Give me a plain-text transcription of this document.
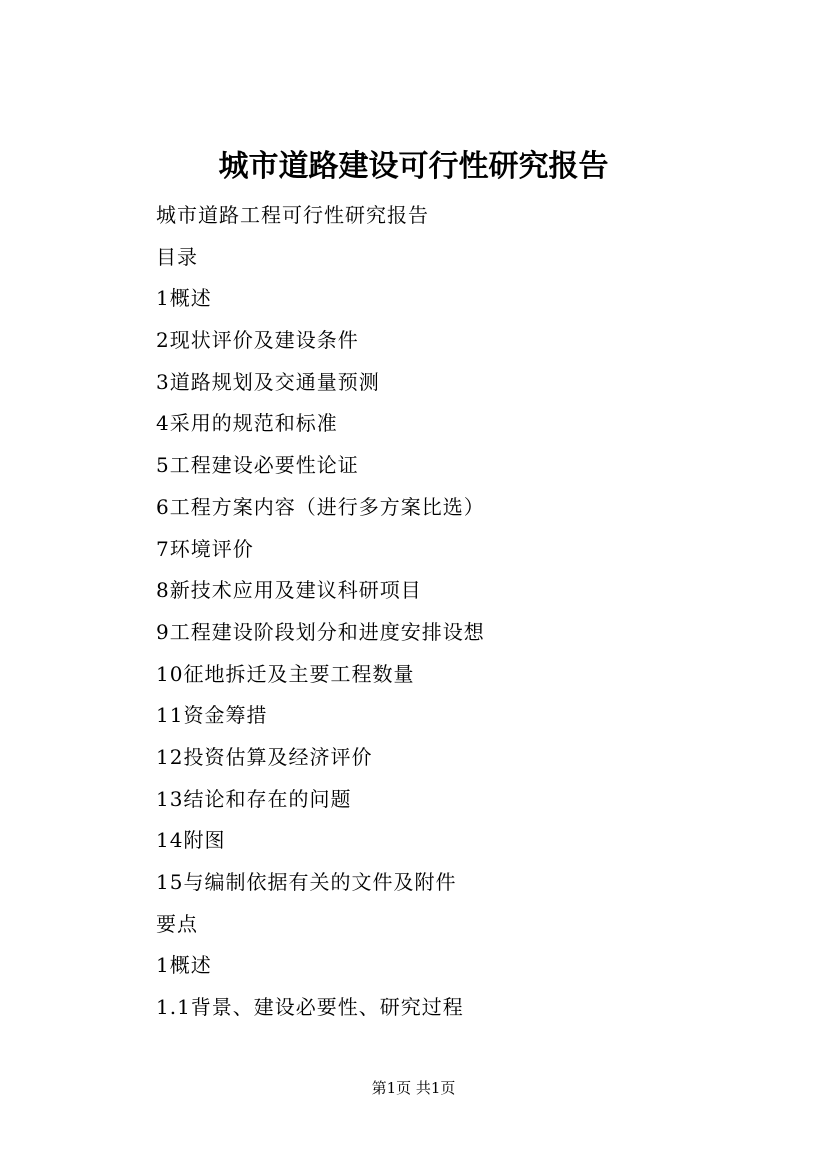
城市道路建设可行性研究报告
城市道路工程可行性研究报告
目录
1概述
2现状评价及建设条件
3道路规划及交通量预测
4采用的规范和标准
5工程建设必要性论证
6工程方案内容（进行多方案比选）
7环境评价
8新技术应用及建议科研项目
9工程建设阶段划分和进度安排设想
10征地拆迁及主要工程数量
11资金筹措
12投资估算及经济评价
13结论和存在的问题
14附图
15与编制依据有关的文件及附件
要点
1概述
1.1背景、建设必要性、研究过程
第1页 共1页
